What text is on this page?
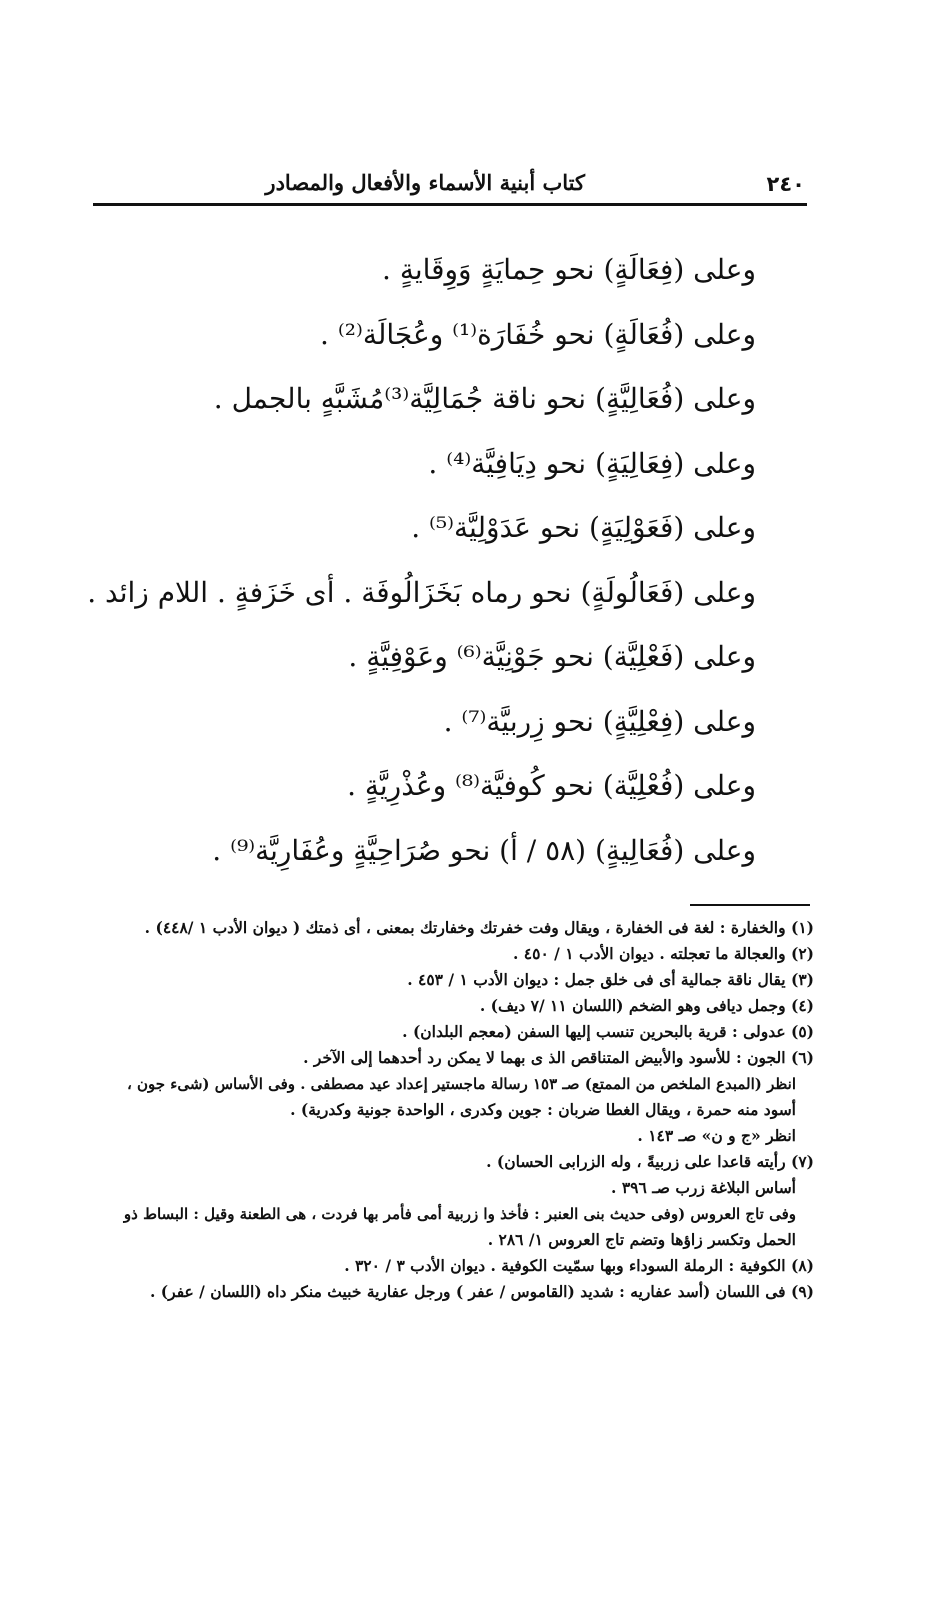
٢٤٠
كتاب أبنية الأسماء والأفعال والمصادر
وعلى (فِعَالَةٍ) نحو حِمايَةٍ وَوِقَايةٍ .
وعلى (فُعَالَةٍ) نحو خُفَارَة⁽¹⁾ وعُجَالَة⁽²⁾ .
وعلى (فُعَالِيَّةٍ) نحو ناقة جُمَالِيَّة⁽³⁾مُشَبَّهٍ بالجمل .
وعلى (فِعَالِيَةٍ) نحو دِيَافِيَّة⁽⁴⁾ .
وعلى (فَعَوْلِيَةٍ) نحو عَدَوْلِيَّة⁽⁵⁾ .
وعلى (فَعَالُولَةٍ) نحو رماه بَخَزَالُوفَة . أى خَزَفةٍ . اللام زائد .
وعلى (فَعْلِيَّة) نحو جَوْنِيَّة⁽⁶⁾ وعَوْفِيَّةٍ .
وعلى (فِعْلِيَّةٍ) نحو زِربيَّة⁽⁷⁾ .
وعلى (فُعْلِيَّة) نحو كُوفيَّة⁽⁸⁾ وعُذْرِيَّةٍ .
وعلى (فُعَالِيةٍ) (٥٨ / أ) نحو صُرَاحِيَّةٍ وعُفَارِيَّة⁽⁹⁾ .
(١) والخفارة : لغة فى الخفارة ، ويقال وفت خفرتك وخفارتك بمعنى ، أى ذمتك ( ديوان الأدب ١ /٤٤٨) .
(٢) والعجالة ما تعجلته . ديوان الأدب ١ / ٤٥٠ .
(٣) يقال ناقة جمالية أى فى خلق جمل : ديوان الأدب ١ / ٤٥٣ .
(٤) وجمل ديافى وهو الضخم (اللسان ١١ /٧ ديف) .
(٥) عدولى : قرية بالبحرين تنسب إليها السفن (معجم البلدان) .
(٦) الجون : للأسود والأبيض المتناقص الذ ى بهما لا يمكن رد أحدهما إلى الآخر .
انظر (المبدع الملخص من الممتع) صـ ١٥٣ رسالة ماجستير إعداد عيد مصطفى . وفى الأساس (شىء جون ،
أسود منه حمرة ، ويقال الغطا ضربان : جوين وكدرى ، الواحدة جونية وكدرية) .
انظر «ج و ن» صـ ١٤٣ .
(٧) رأيته قاعدا على زربيةً ، وله الزرابى الحسان) .
أساس البلاغة زرب صـ ٣٩٦ .
وفى تاج العروس (وفى حديث بنى العنبر : فأخذ وا زربية أمى فأمر بها فردت ، هى الطعنة وقيل : البساط ذو
الحمل وتكسر زاؤها وتضم تاج العروس ١/ ٢٨٦ .
(٨) الكوفية : الرملة السوداء وبها سمّيت الكوفية . ديوان الأدب ٣ / ٣٢٠ .
(٩) فى اللسان (أسد عفاريه : شديد (القاموس / عفر ) ورجل عفارية خبيث منكر داه (اللسان / عفر) .
